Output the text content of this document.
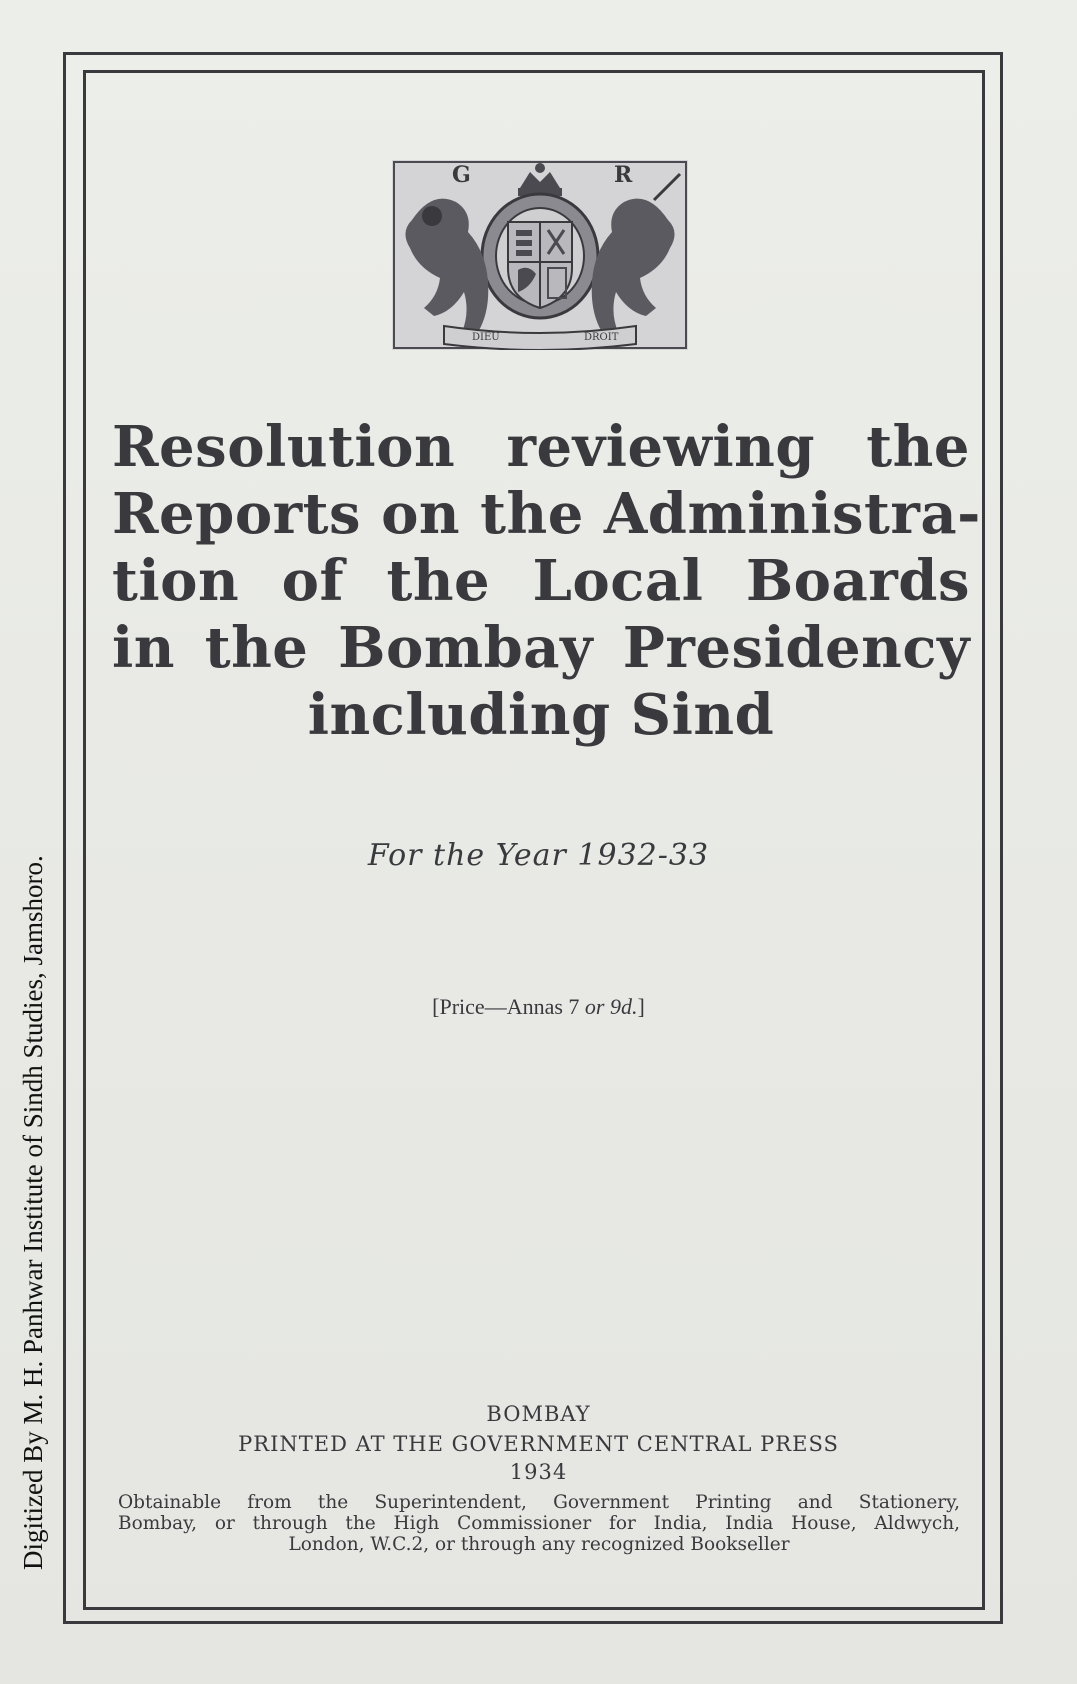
G	R
DIEU	DROIT
Resolution reviewing the
Reports on the Administra-
tion of the Local Boards
in the Bombay Presidency
including Sind
For the Year 1932-33
[Price—Annas 7 or 9d.]
BOMBAY
PRINTED AT THE GOVERNMENT CENTRAL PRESS
1934
Obtainable from the Superintendent, Government Printing and Stationery,
Bombay, or through the High Commissioner for India, India House, Aldwych,
London, W.C.2, or through any recognized Bookseller
Digitized By M. H. Panhwar Institute of Sindh Studies, Jamshoro.
